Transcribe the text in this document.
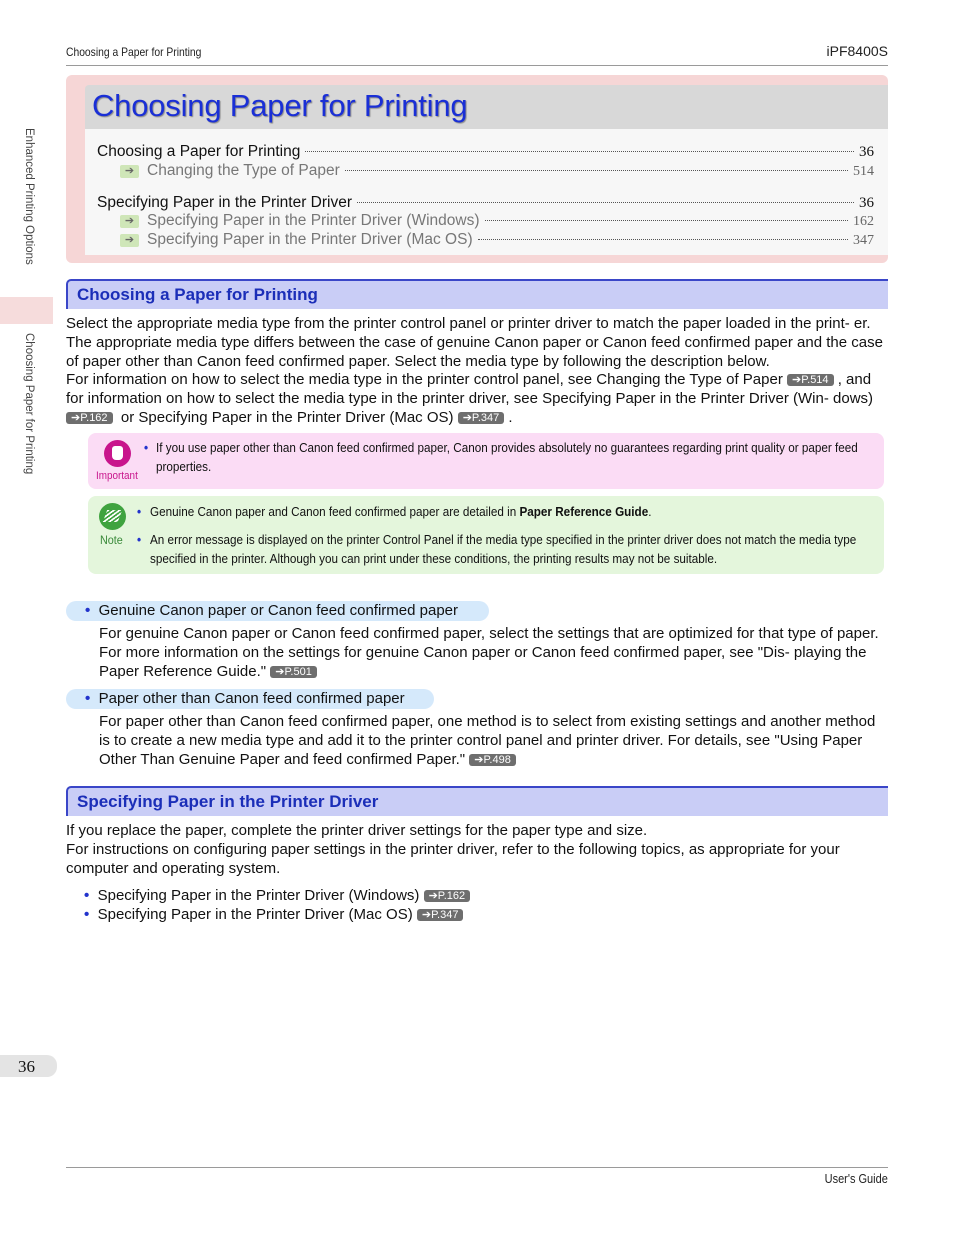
Choosing a Paper for Printing	iPF8400S
Enhanced Printing Options
Choosing Paper for Printing
Choosing Paper for Printing
Choosing a Paper for Printing	36
➔ Changing the Type of Paper	514
Specifying Paper in the Printer Driver	36
➔ Specifying Paper in the Printer Driver (Windows)	162
➔ Specifying Paper in the Printer Driver (Mac OS)	347
Choosing a Paper for Printing
Select the appropriate media type from the printer control panel or printer driver to match the paper loaded in the print- er. The appropriate media type differs between the case of genuine Canon paper or Canon feed confirmed paper and the case of paper other than Canon feed confirmed paper. Select the media type by following the description below.
For information on how to select the media type in the printer control panel, see Changing the Type of Paper ➔P.514 , and for information on how to select the media type in the printer driver, see Specifying Paper in the Printer Driver (Win- dows) ➔P.162 or Specifying Paper in the Printer Driver (Mac OS) ➔P.347 .
Important
• If you use paper other than Canon feed confirmed paper, Canon provides absolutely no guarantees regarding print quality or paper feed properties.
Note
• Genuine Canon paper and Canon feed confirmed paper are detailed in Paper Reference Guide.
• An error message is displayed on the printer Control Panel if the media type specified in the printer driver does not match the media type specified in the printer. Although you can print under these conditions, the printing results may not be suitable.
• Genuine Canon paper or Canon feed confirmed paper
For genuine Canon paper or Canon feed confirmed paper, select the settings that are optimized for that type of paper. For more information on the settings for genuine Canon paper or Canon feed confirmed paper, see "Dis- playing the Paper Reference Guide." ➔P.501
• Paper other than Canon feed confirmed paper
For paper other than Canon feed confirmed paper, one method is to select from existing settings and another method is to create a new media type and add it to the printer control panel and printer driver. For details, see "Using Paper Other Than Genuine Paper and feed confirmed Paper." ➔P.498
Specifying Paper in the Printer Driver
If you replace the paper, complete the printer driver settings for the paper type and size.
For instructions on configuring paper settings in the printer driver, refer to the following topics, as appropriate for your computer and operating system.
• Specifying Paper in the Printer Driver (Windows) ➔P.162
• Specifying Paper in the Printer Driver (Mac OS) ➔P.347
36
User's Guide
